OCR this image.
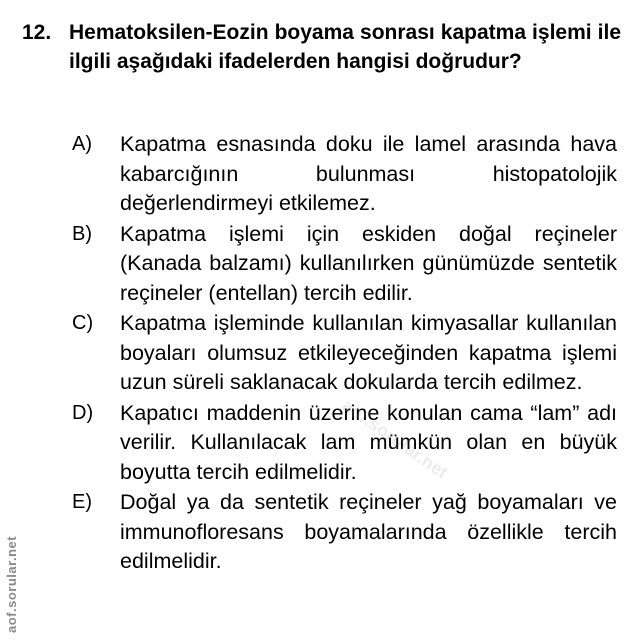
12. Hematoksilen-Eozin boyama sonrası kapatma işlemi ile ilgili aşağıdaki ifadelerden hangisi doğrudur?
A) Kapatma esnasında doku ile lamel arasında hava kabarcığının bulunması histopatolojik değerlendirmeyi etkilemez.
B) Kapatma işlemi için eskiden doğal reçineler (Kanada balzamı) kullanılırken günümüzde sentetik reçineler (entellan) tercih edilir.
C) Kapatma işleminde kullanılan kimyasallar kullanılan boyaları olumsuz etkileyeceğinden kapatma işlemi uzun süreli saklanacak dokularda tercih edilmez.
D) Kapatıcı maddenin üzerine konulan cama “lam” adı verilir. Kullanılacak lam mümkün olan en büyük boyutta tercih edilmelidir.
E) Doğal ya da sentetik reçineler yağ boyamaları ve immunofloresans boyamalarında özellikle tercih edilmelidir.
aof.sorular.net
aof.sorular.net
